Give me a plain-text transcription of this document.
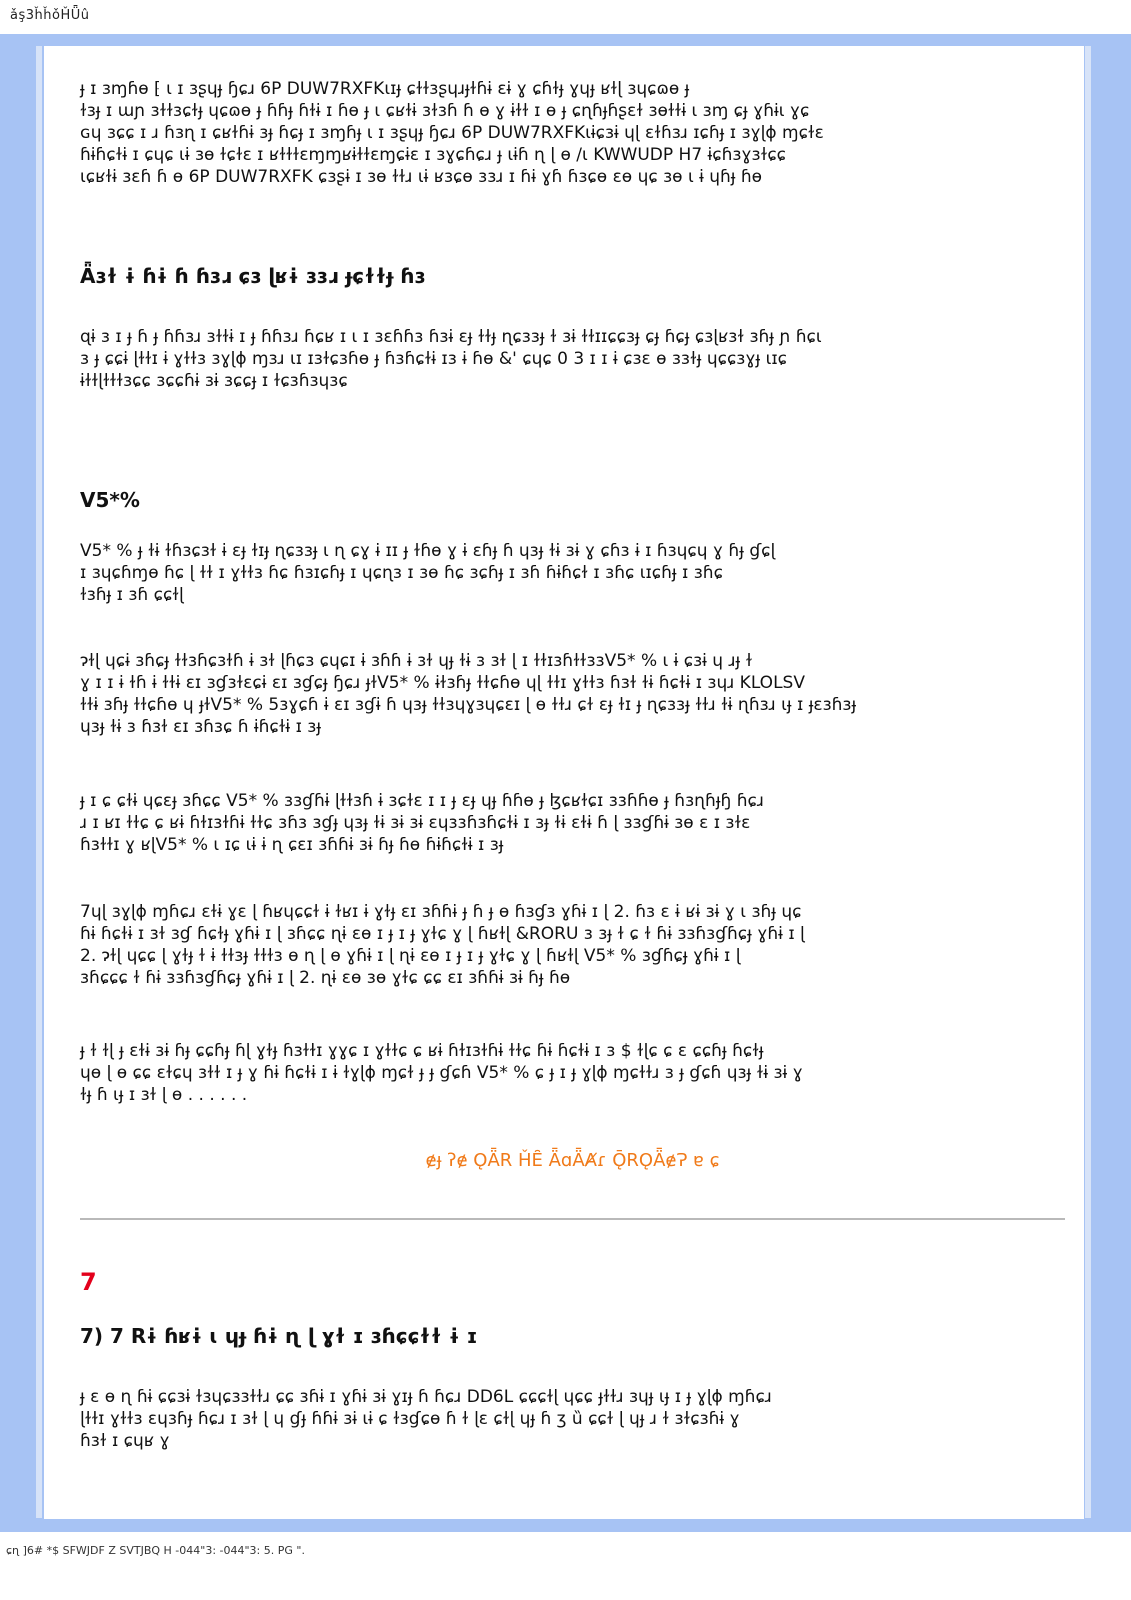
ǎş3ȟȟǒȞǕû
ɟ ɪ ɜɱɦɵ ⁅ ɩ ɪ ɜʂɥɟ ɧɕɹ 6P DUW7RXFKɩɪɟ ɕɫɫɜʂɥɹɟɫɦɨ ɛɨ ɣ ɕɦɫɟ ɣɥɟ ʁɫɭ ɜɥɕɷɵ ɟ
ɫɜɟ ɪ ɯɲ ɜɫɫɜɕɫɟ ɥɕɷɵ ɟ ɦɦɟ ɦɫɨ ɪ ɦɵ ɟ ɩ ɕʁɫɨ ɜɫɜɦ ɦ ɵ ɣ ɨɫɫ ɪ ɵ ɟ ɕɳɦɟɦʂɛɫ ɜɵɫɫɨ ɩ ɜɱ ɕɟ ɣɦɨɩ ɣɕ
ɢɥ ɜɕɕ ɪ ɹ ɦɜɳ ɪ ɕʁɫɦɨ ɜɟ ɦɕɟ ɪ ɜɱɦɟ ɩ ɪ ɜʂɥɟ ɧɕɹ 6P DUW7RXFKɩɨɕɜɨ ɥɭ ɛɫɦɜɹ ɪɕɦɟ ɪ ɜɣɭɸ ɱɕɫɛ
ɦɨɦɕɫɨ ɪ ɕɥɕ ɩɨ ɜɵ ɫɕɫɛ ɪ ʁɫɫɫɛɱɱʁɨɫɫɛɱɕɨɛ ɪ ɜɣɕɦɕɹ ɟ ɩɨɦ ɳ ɭ ɵ /ɩ KWWUDP H7 ɨɕɦɜɣɜɫɕɕ
ɩɕʁɫɨ ɜɛɦ ɦ ɵ 6P DUW7RXFK ɕɜʂɨ ɪ ɜɵ ɫɫɹ ɩɨ ʁɜɕɵ ɜɜɹ ɪ ɦɨ ɣɦ ɦɜɕɵ ɛɵ ɥɕ ɜɵ ɩ ɨ ɥɦɟ ɦɵ
Ǟɜɫ ɨ ɦɨ ɦ ɦɜɹ ɕɜ ɭʁɨ ɜɜɹ ɟɕɫɫɟ ɦɜ
ɋɨ ɜ ɪ ɟ ɦ ɟ ɦɦɜɹ ɜɫɫɨ ɪ ɟ ɦɦɜɹ ɦɕʁ ɪ ɩ ɪ ɜɛɦɦɜ ɦɜɨ ɛɟ ɫɫɟ ɳɕɜɜɟ ɫ ɜɨ ɫɫɪɪɕɕɜɟ ɕɟ ɦɕɟ ɕɜɭʁɜɫ ɜɦɟ ɲ ɦɕɩ
ɜ ɟ ɕɕɨ ɭɫɫɪ ɨ ɣɫɫɜ ɜɣɭɸ ɱɜɹ ɩɪ ɪɜɫɕɜɦɵ ɟ ɦɜɦɕɫɨ ɪɜ ɨ ɦɵ &' ɕɥɕ 0 3 ɪ ɪ ɨ ɕɜɛ ɵ ɜɜɫɟ ɥɕɕɜɣɟ ɩɪɕ
ɨɫɫɭɫɫɫɜɕɕ ɜɕɕɦɨ ɜɨ ɜɕɕɟ ɪ ɫɕɜɦɜɥɜɕ
V5*%
V5* % ɟ ɫɨ ɫɦɜɕɜɫ ɨ ɛɟ ɫɪɟ ɳɕɜɜɟ ɩ ɳ ɕɣ ɨ ɪɪ ɟ ɫɦɵ ɣ ɨ ɛɦɟ ɦ ɥɜɟ ɫɨ ɜɨ ɣ ɕɦɜ ɨ ɪ ɦɜɥɕɥ ɣ ɦɟ ɠɕɭ
ɪ ɜɥɕɦɱɵ ɦɕ ɭ ɫɫ ɪ ɣɫɫɜ ɦɕ ɦɜɪɕɦɟ ɪ ɥɕɳɜ ɪ ɜɵ ɦɕ ɜɕɦɟ ɪ ɜɦ ɦɨɦɕɫ ɪ ɜɦɕ ɩɪɕɦɟ ɪ ɜɦɕ
ɫɜɦɟ ɪ ɜɦ ɕɕɫɭ
ɂɫɭ ɥɕɨ ɜɦɕɟ ɫɫɜɦɕɜɫɦ ɨ ɜɫ ɭɦɕɜ ɕɥɕɪ ɨ ɜɦɦ ɨ ɜɫ ɥɟ ɫɨ ɜ ɜɫ ɭ ɪ ɫɫɪɜɦɫɫɜɜV5* % ɩ ɨ ɕɜɨ ɥ ɹɟ ɫ
ɣ ɪ ɪ ɨ ɫɦ ɨ ɫɫɨ ɛɪ ɜɠɜɫɛɕɨ ɛɪ ɜɠɕɟ ɧɕɹ ɟɫV5* % ɨɫɜɦɟ ɫɫɕɦɵ ɥɭ ɫɫɪ ɣɫɫɜ ɦɜɫ ɫɨ ɦɕɫɨ ɪ ɜɥɹ KLOLSV
ɫɫɨ ɜɦɟ ɫɫɕɦɵ ɥ ɟɫV5* % 5ɜɣɕɦ ɨ ɛɪ ɜɠɨ ɦ ɥɜɟ ɫɫɜɥɣɜɥɕɛɪ ɭ ɵ ɫɫɹ ɕɫ ɛɟ ɫɪ ɟ ɳɕɜɜɟ ɫɫɹ ɫɨ ɳɦɜɹ ɩɟ ɪ ɟɛɜɦɜɟ
ɥɜɟ ɫɨ ɜ ɦɜɫ ɛɪ ɜɦɜɕ ɦ ɨɦɕɫɨ ɪ ɜɟ
ɟ ɪ ɕ ɕɫɨ ɥɕɛɟ ɜɦɕɕ V5* % ɜɜɠɦɨ ɭɫɫɜɦ ɨ ɜɕɫɛ ɪ ɪ ɟ ɛɟ ɥɟ ɦɦɵ ɟ ɮɕʁɫɕɪ ɜɜɦɦɵ ɟ ɦɜɳɦɟɧ ɦɕɹ
ɹ ɪ ʁɪ ɫɫɕ ɕ ʁɨ ɦɫɪɜɫɦɨ ɫɫɕ ɜɦɜ ɜɠɟ ɥɜɟ ɫɨ ɜɨ ɜɨ ɛɥɜɜɦɜɦɕɫɨ ɪ ɜɟ ɫɨ ɛɫɨ ɦ ɭ ɜɜɠɦɨ ɜɵ ɛ ɪ ɜɫɛ
ɦɜɫɫɪ ɣ ʁɭV5* % ɩ ɪɕ ɩɨ ɨ ɳ ɕɛɪ ɜɦɦɨ ɜɨ ɦɟ ɦɵ ɦɨɦɕɫɨ ɪ ɜɟ
7ɥɭ ɜɣɭɸ ɱɦɕɹ ɛɫɨ ɣɛ ɭ ɦʁɥɕɕɫ ɨ ɫʁɪ ɨ ɣɫɟ ɛɪ ɜɦɦɨ ɟ ɦ ɟ ɵ ɦɜɠɜ ɣɦɨ ɪ ɭ 2. ɦɜ ɛ ɨ ʁɨ ɜɨ ɣ ɩ ɜɦɟ ɥɕ
ɦɨ ɦɕɫɨ ɪ ɜɫ ɜɠ ɦɕɫɟ ɣɦɨ ɪ ɭ ɜɦɕɕ ɳɨ ɛɵ ɪ ɟ ɪ ɟ ɣɫɕ ɣ ɭ ɦʁɫɭ &RORU ɜ ɜɟ ɫ ɕ ɫ ɦɨ ɜɜɦɜɠɦɕɟ ɣɦɨ ɪ ɭ
2. ɂɫɭ ɥɕɕ ɭ ɣɫɟ ɫ ɨ ɫɫɜɟ ɫɫɫɜ ɵ ɳ ɭ ɵ ɣɦɨ ɪ ɭ ɳɨ ɛɵ ɪ ɟ ɪ ɟ ɣɫɕ ɣ ɭ ɦʁɫɭ V5* % ɜɠɦɕɟ ɣɦɨ ɪ ɭ
ɜɦɕɕɕ ɫ ɦɨ ɜɜɦɜɠɦɕɟ ɣɦɨ ɪ ɭ 2. ɳɨ ɛɵ ɜɵ ɣɫɕ ɕɕ ɛɪ ɜɦɦɨ ɜɨ ɦɟ ɦɵ
ɟ ɫ ɫɭ ɟ ɛɫɨ ɜɨ ɦɟ ɕɕɦɟ ɦɭ ɣɫɟ ɦɜɫɫɪ ɣɣɕ ɪ ɣɫɫɕ ɕ ʁɨ ɦɫɪɜɫɦɨ ɫɫɕ ɦɨ ɦɕɫɨ ɪ ɜ $ ɫɭɕ ɕ ɛ ɕɕɦɟ ɦɕɫɟ
ɥɵ ɭ ɵ ɕɕ ɛɫɕɥ ɜɫɫ ɪ ɟ ɣ ɦɨ ɦɕɫɨ ɪ ɨ ɫɣɭɸ ɱɕɫ ɟ ɟ ɠɕɦ V5* % ɕ ɟ ɪ ɟ ɣɭɸ ɱɕɫɫɹ ɜ ɟ ɠɕɦ ɥɜɟ ɫɨ ɜɨ ɣ
ɫɟ ɦ ɩɟ ɪ ɜɫ ɭ ɵ . . . . . .
ɇɟ ʔɇ ǪǞR ȞȆ ǞɑǞȺɾ ǬRǪǞɇɁ ɐ ɕ
7
7) 7 Rɨ ɦʁɨ ɩ ɥɟ ɦɨ ɳ ɭ ɣɫ ɪ ɜɦɕɕɫɫ ɨ ɪ
ɟ ɛ ɵ ɳ ɦɨ ɕɕɜɨ ɫɜɥɕɜɜɫɫɹ ɕɕ ɜɦɨ ɪ ɣɦɨ ɜɨ ɣɪɟ ɦ ɦɕɹ DD6L ɕɕɕɫɭ ɥɕɕ ɟɫɫɹ ɜɥɟ ɩɟ ɪ ɟ ɣɭɸ ɱɦɕɹ
ɭɫɫɪ ɣɫɫɜ ɛɥɜɦɟ ɦɕɹ ɪ ɜɫ ɭ ɥ ɠɟ ɦɦɨ ɜɨ ɩɨ ɕ ɫɜɠɕɵ ɦ ɫ ɭɛ ɕɫɭ ɥɟ ɦ ʒ ȕ ɕɕɫ ɭ ɥɟ ɹ ɫ ɜɫɕɜɦɨ ɣ
ɦɜɫ ɪ ɕɥʁ ɣ
ɕɳ ]6# *$ SFWJDF Z SVTJBQ H -044"3: -044"3: 5. PG ".
